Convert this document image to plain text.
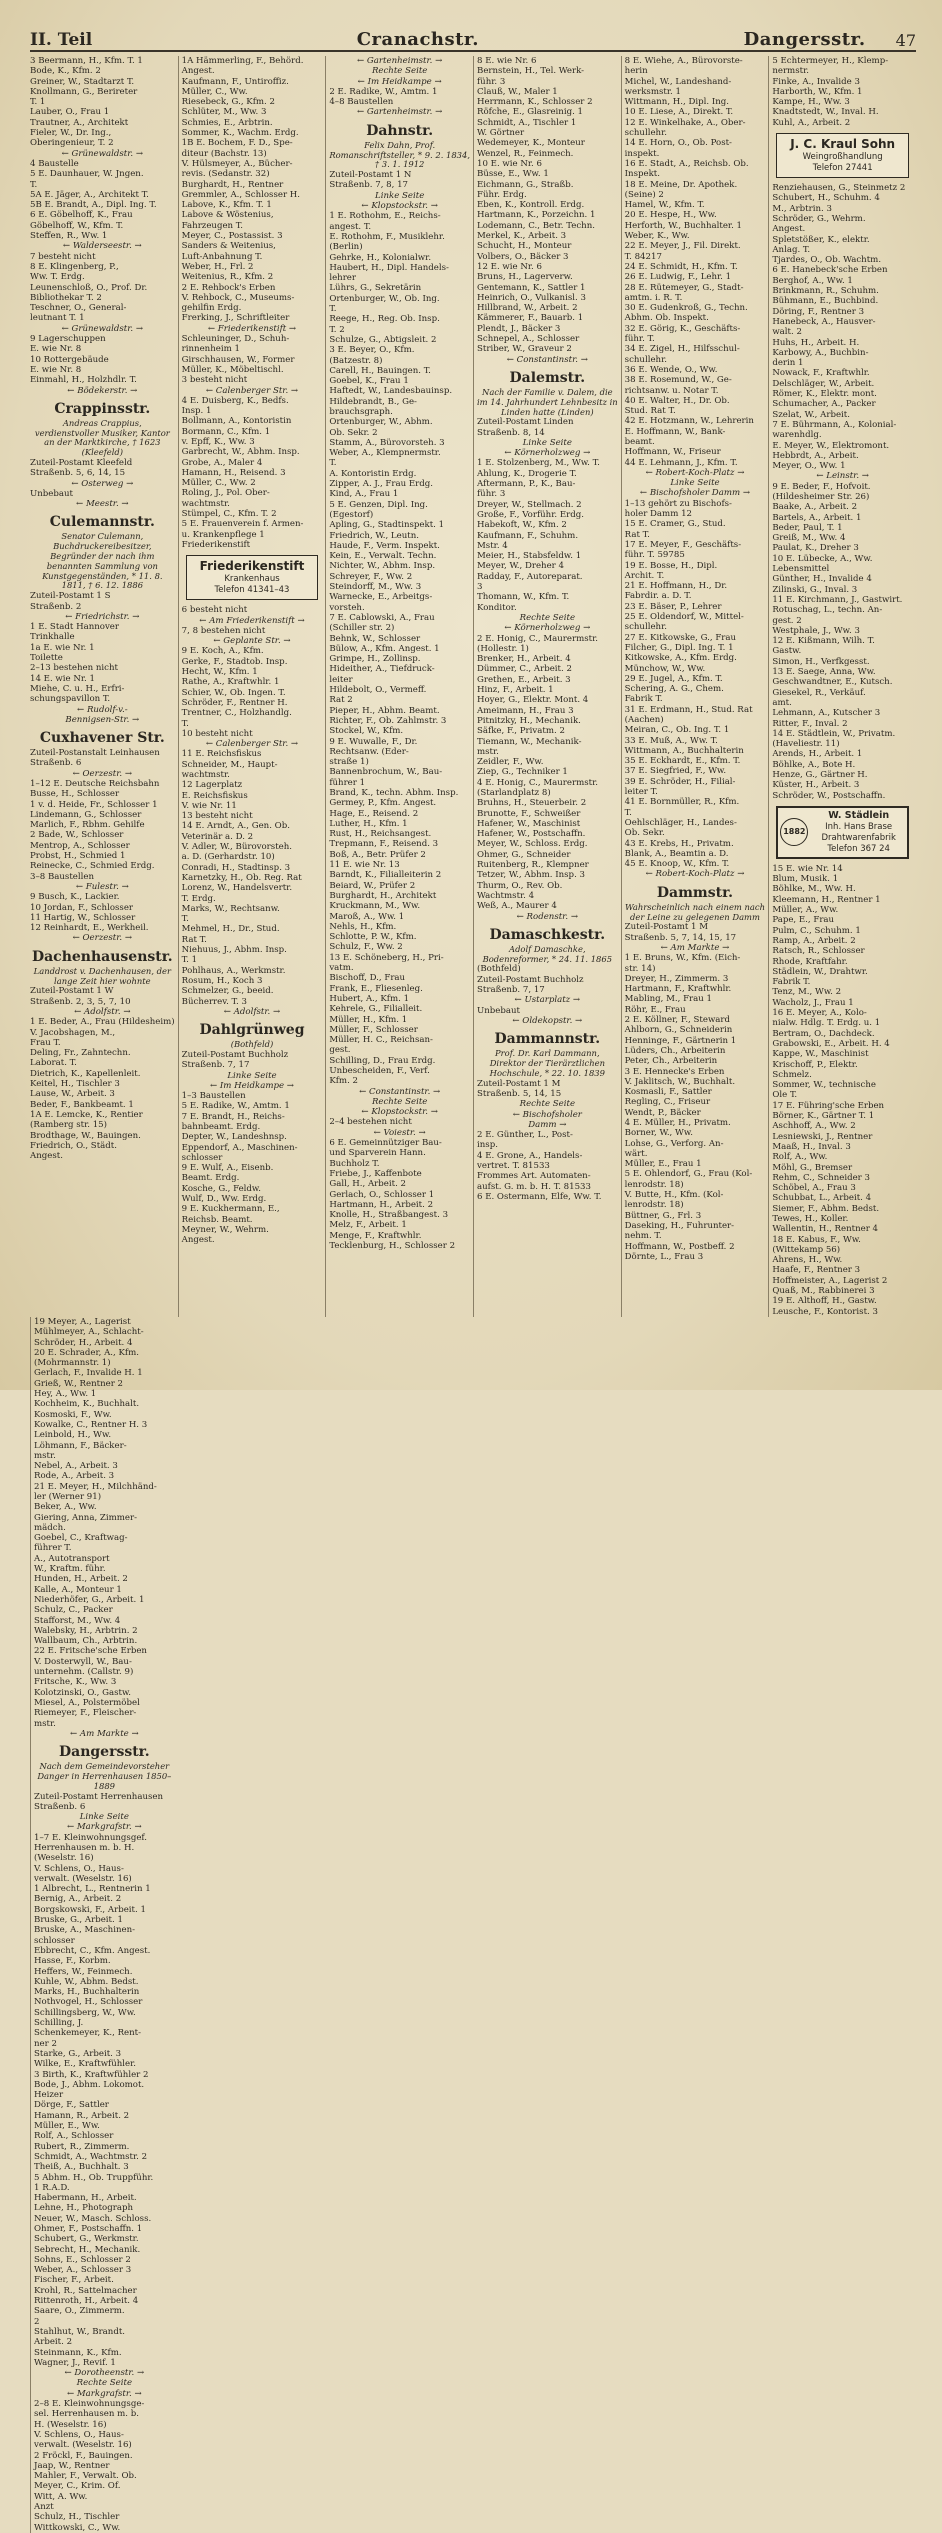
II. Teil	Cranachstr.	Dangersstr. 47
3 Beermann, H., Kfm. T. 1
Bode, K., Kfm. 2
Greiner, W., Stadtarzt T.
Knollmann, G., Berireter
T. 1
Lauber, O., Frau 1
Trautner, A., Architekt
Fieler, W., Dr. Ing.,
Oberingenieur, T. 2
← Grünewaldstr. →
4 Baustelle
5 E. Daunhauer, W. Jngen.
T.
5A E. Jäger, A., Architekt T.
5B E. Brandt, A., Dipl. Ing. T.
6 E. Göbelhoff, K., Frau
Göbelhoff, W., Kfm. T.
Steffen, R., Ww. 1
← Walderseestr. →
7 besteht nicht
8 E. Klingenberg, P.,
Ww. T. Erdg.
Leunenschloß, O., Prof. Dr.
Bibliothekar T. 2
Teschner, O., General-
leutnant T. 1
← Grünewaldstr. →
9 Lagerschuppen
E. wie Nr. 8
10 Rottergebäude
E. wie Nr. 8
Einmahl, H., Holzhdlr. T.
← Bödekerstr. →
Crappinsstr.
Andreas Crappius, verdienstvoller Musiker, Kantor an der Marktkirche, † 1623 (Kleefeld)
Zuteil-Postamt Kleefeld
Straßenb. 5, 6, 14, 15
← Osterweg →
Unbebaut
← Meestr. →
Culemannstr.
Senator Culemann, Buchdruckereibesitzer, Begründer der nach ihm benannten Sammlung von Kunstgegenständen, * 11. 8. 1811, † 6. 12. 1886
Zuteil-Postamt 1 S
Straßenb. 2
← Friedrichstr. →
1 E. Stadt Hannover
Trinkhalle
1a E. wie Nr. 1
Toilette
2–13 bestehen nicht
14 E. wie Nr. 1
Miehe, C. u. H., Erfri-
schungspavillon T.
← Rudolf-v.-
Bennigsen-Str. →
Cuxhavener Str.
Zuteil-Postanstalt Leinhausen
Straßenb. 6
← Oerzestr. →
1–12 E. Deutsche Reichsbahn
Busse, H., Schlosser
1 v. d. Heide, Fr., Schlosser 1
Lindemann, G., Schlosser
Marlich, F., Rbhm. Gehilfe
2 Bade, W., Schlosser
Mentrop, A., Schlosser
Probst, H., Schmied 1
Reinecke, C., Schmied Erdg.
3–8 Baustellen
← Fulestr. →
9 Busch, K., Lackier.
10 Jordan, F., Schlosser
11 Hartig, W., Schlosser
12 Reinhardt, E., Werkheil.
← Oerzestr. →
Dachenhausenstr.
Landdrost v. Dachenhausen, der lange Zeit hier wohnte
Zuteil-Postamt 1 W
Straßenb. 2, 3, 5, 7, 10
← Adolfstr. →
1 E. Beder, A., Frau (Hildesheim)
V. Jacobshagen, M.,
Frau T.
Deling, Fr., Zahntechn.
Laborat. T.
Dietrich, K., Kapellenleit.
Keitel, H., Tischler 3
Lause, W., Arbeit. 3
Beder, F., Bankbeamt. 1
1A E. Lemcke, K., Rentier
(Ramberg str. 15)
Brodthage, W., Bauingen.
Friedrich, O., Städt.
Angest.
1A Hämmerling, F., Behörd.
Angest.
Kaufmann, F., Untiroffiz.
Müller, C., Ww.
Riesebeck, G., Kfm. 2
Schlüter, M., Ww. 3
Schmies, E., Arbtrin.
Sommer, K., Wachm. Erdg.
1B E. Bochem, F. D., Spe-
diteur (Bachstr. 13)
V. Hülsmeyer, A., Bücher-
revis. (Sedanstr. 32)
Burghardt, H., Rentner
Gremmler, A., Schlosser H.
Labove, K., Kfm. T. 1
Labove & Wöstenius,
Fahrzeugen T.
Meyer, C., Postassist. 3
Sanders & Weitenius,
Luft-Anbahnung T.
Weber, H., Frl. 2
Weitenius, R., Kfm. 2
2 E. Rehbock's Erben
V. Rehbock, C., Museums-
gehilfin Erdg.
Frerking, J., Schriftleiter
← Friederikenstift →
Schleuninger, D., Schuh-
rinnenheim 1
Girschhausen, W., Former
Müller, K., Möbeltischl.
3 besteht nicht
← Calenberger Str. →
4 E. Duisberg, K., Bedfs.
Insp. 1
Bollmann, A., Kontoristin
Bormann, C., Kfm. 1
v. Epff, K., Ww. 3
Garbrecht, W., Abhm. Insp.
Grobe, A., Maler 4
Hamann, H., Reisend. 3
Müller, C., Ww. 2
Roling, J., Pol. Ober-
wachtmstr.
Stümpel, C., Kfm. T. 2
5 E. Frauenverein f. Armen-
u. Krankenpflege 1
Friederikenstift
Friederikenstift
Krankenhaus
Telefon 41341–43
6 besteht nicht
← Am Friederikenstift →
7, 8 bestehen nicht
← Geplante Str. →
9 E. Koch, A., Kfm.
Gerke, F., Stadtob. Insp.
Hecht, W., Kfm. 1
Rathe, A., Kraftwhlr. 1
Schier, W., Ob. Ingen. T.
Schröder, F., Rentner H.
Trentner, C., Holzhandlg.
T.
10 besteht nicht
← Calenberger Str. →
11 E. Reichsfiskus
Schneider, M., Haupt-
wachtmstr.
12 Lagerplatz
E. Reichsfiskus
V. wie Nr. 11
13 besteht nicht
14 E. Arndt, A., Gen. Ob.
Veterinär a. D. 2
V. Adler, W., Bürovorsteh.
a. D. (Gerhardstr. 10)
Conradi, H., Stadtinsp. 3
Karnetzky, H., Ob. Reg. Rat
Lorenz, W., Handelsvertr.
T. Erdg.
Marks, W., Rechtsanw.
T.
Mehmel, H., Dr., Stud.
Rat T.
Niehuus, J., Abhm. Insp.
T. 1
Pohlhaus, A., Werkmstr.
Rosum, H., Koch 3
Schmelzer, G., beeid.
Bücherrev. T. 3
← Adolfstr. →
Dahlgrünweg
(Bothfeld)
Zuteil-Postamt Buchholz
Straßenb. 7, 17
Linke Seite
← Im Heidkampe →
1–3 Baustellen
5 E. Radike, W., Amtm. 1
7 E. Brandt, H., Reichs-
bahnbeamt. Erdg.
Depter, W., Landeshnsp.
Eppendorf, A., Maschinen-
schlosser
9 E. Wulf, A., Eisenb.
Beamt. Erdg.
Kosche, G., Feldw.
Wulf, D., Ww. Erdg.
9 E. Kuckhermann, E.,
Reichsb. Beamt.
Meyner, W., Wehrm.
Angest.
← Gartenheimstr. →
Rechte Seite
← Im Heidkampe →
2 E. Radike, W., Amtm. 1
4–8 Baustellen
← Gartenheimstr. →
Dahnstr.
Felix Dahn, Prof. Romanschriftsteller, * 9. 2. 1834, † 3. 1. 1912
Zuteil-Postamt 1 N
Straßenb. 7, 8, 17
Linke Seite
← Klopstockstr. →
1 E. Rothohm, E., Reichs-
angest. T.
E. Rothohm, F., Musiklehr.
(Berlin)
Gehrke, H., Kolonialwr.
Haubert, H., Dipl. Handels-
lehrer
Lührs, G., Sekretärin
Ortenburger, W., Ob. Ing.
T.
Reege, H., Reg. Ob. Insp.
T. 2
Schulze, G., Abtigsleit. 2
3 E. Beyer, O., Kfm.
(Batzestr. 8)
Carell, H., Bauingen. T.
Goebel, K., Frau 1
Haftedt, W., Landesbauinsp.
Hildebrandt, B., Ge-
brauchsgraph.
Ortenburger, W., Abhm.
Ob. Sekr. 2
Stamm, A., Bürovorsteh. 3
Weber, A., Klempnermstr.
T.
A. Kontoristin Erdg.
Zipper, A. J., Frau Erdg.
Kind, A., Frau 1
5 E. Genzen, Dipl. Ing.
(Egestorf)
Apling, G., Stadtinspekt. 1
Friedrich, W., Leutn.
Haude, F., Verm. Inspekt.
Kein, E., Verwalt. Techn.
Nichter, W., Abhm. Insp.
Schreyer, F., Ww. 2
Steindorff, M., Ww. 3
Warnecke, E., Arbeitgs-
vorsteh.
7 E. Cablowski, A., Frau
(Schiller str. 2)
Behnk, W., Schlosser
Bülow, A., Kfm. Angest. 1
Grimpe, H., Zollinsp.
Hideither, A., Tiefdruck-
leiter
Hildebolt, O., Vermeff.
Rat 2
Pieper, H., Abhm. Beamt.
Richter, F., Ob. Zahlmstr. 3
Stockel, W., Kfm.
9 E. Wuwalle, F., Dr.
Rechtsanw. (Eder-
straße 1)
Bannenbrochum, W., Bau-
führer 1
Brand, K., techn. Abhm. Insp.
Germey, P., Kfm. Angest.
Hage, E., Reisend. 2
Luther, H., Kfm. 1
Rust, H., Reichsangest.
Trepmann, F., Reisend. 3
Boß, A., Betr. Prüfer 2
11 E. wie Nr. 13
Barndt, K., Filialleiterin 2
Beiard, W., Prüfer 2
Burghardt, H., Architekt
Kruckmann, M., Ww.
Maroß, A., Ww. 1
Nehls, H., Kfm.
Schlotte, P. W., Kfm.
Schulz, F., Ww. 2
13 E. Schöneberg, H., Pri-
vatm.
Bischoff, D., Frau
Frank, E., Fliesenleg.
Hubert, A., Kfm. 1
Kehrele, G., Filialleit.
Müller, H., Kfm. 1
Müller, F., Schlosser
Müller, H. C., Reichsan-
gest.
Schilling, D., Frau Erdg.
Unbescheiden, F., Verf.
Kfm. 2
← Constantinstr. →
Rechte Seite
← Klopstockstr. →
2–4 bestehen nicht
← Voiestr. →
6 E. Gemeinnütziger Bau-
und Sparverein Hann.
Buchholz T.
Friebe, J., Kaffenbote
Gall, H., Arbeit. 2
Gerlach, O., Schlosser 1
Hartmann, H., Arbeit. 2
Knolle, H., Straßbangest. 3
Melz, F., Arbeit. 1
Menge, F., Kraftwhlr.
Tecklenburg, H., Schlosser 2
8 E. wie Nr. 6
Bernstein, H., Tel. Werk-
führ. 3
Clauß, W., Maler 1
Herrmann, K., Schlosser 2
Röfche, E., Glasreinig. 1
Schmidt, A., Tischler 1
W. Görtner
Wedemeyer, K., Monteur
Wenzel, R., Feinmech.
10 E. wie Nr. 6
Büsse, E., Ww. 1
Eichmann, G., Straßb.
Führ. Erdg.
Eben, K., Kontroll. Erdg.
Hartmann, K., Porzeichn. 1
Lodemann, C., Betr. Techn.
Merkel, K., Arbeit. 3
Schucht, H., Monteur
Volbers, O., Bäcker 3
12 E. wie Nr. 6
Bruns, H., Lagerverw.
Gentemann, K., Sattler 1
Heinrich, O., Vulkanisl. 3
Hillbrand, W., Arbeit. 2
Kämmerer, F., Bauarb. 1
Plendt, J., Bäcker 3
Schnepel, A., Schlosser
Striber, W., Graveur 2
← Constantinstr. →
Dalemstr.
Nach der Familie v. Dalem, die im 14. Jahrhundert Lehnbesitz in Linden hatte (Linden)
Zuteil-Postamt Linden
Straßenb. 8, 14
Linke Seite
← Körnerholzweg →
1 E. Stolzenberg, M., Ww. T.
Ahlung, K., Drogerie T.
Aftermann, P., K., Bau-
führ. 3
Dreyer, W., Stellmach. 2
Große, F., Vorführ. Erdg.
Habekoft, W., Kfm. 2
Kaufmann, F., Schuhm.
Mstr. 4
Meier, H., Stabsfeldw. 1
Meyer, W., Dreher 4
Radday, F., Autoreparat.
3
Thomann, W., Kfm. T.
Konditor.
Rechte Seite
← Körnerholzweg →
2 E. Honig, C., Maurermstr.
(Hollestr. 1)
Brenker, H., Arbeit. 4
Dümmer, C., Arbeit. 2
Grethen, E., Arbeit. 3
Hinz, F., Arbeit. 1
Hoyer, G., Elektr. Mont. 4
Ameimann, H., Frau 3
Pitnitzky, H., Mechanik.
Säfke, F., Privatm. 2
Tiemann, W., Mechanik-
mstr.
Zeidler, F., Ww.
Ziep, G., Techniker 1
4 E. Honig, C., Maurermstr.
(Starlandplatz 8)
Bruhns, H., Steuerbeir. 2
Brunotte, F., Schweißer
Hafener, W., Maschinist
Hafener, W., Postschaffn.
Meyer, W., Schloss. Erdg.
Ohmer, G., Schneider
Ruitenberg, R., Klempner
Tetzer, W., Abhm. Insp. 3
Thurm, O., Rev. Ob.
Wachtmstr. 4
Weß, A., Maurer 4
← Rodenstr. →
Damaschkestr.
Adolf Damaschke, Bodenreformer, * 24. 11. 1865
(Bothfeld)
Zuteil-Postamt Buchholz
Straßenb. 7, 17
← Ustarplatz →
Unbebaut
← Oldekopstr. →
Dammannstr.
Prof. Dr. Karl Dammann, Direktor der Tierärztlichen Hochschule, * 22. 10. 1839
Zuteil-Postamt 1 M
Straßenb. 5, 14, 15
Rechte Seite
← Bischofsholer
Damm →
2 E. Günther, L., Post-
insp.
4 E. Grone, A., Handels-
vertret. T. 81533
Frommes Art. Automaten-
aufst. G. m. b. H. T. 81533
6 E. Ostermann, Elfe, Ww. T.
8 E. Wiehe, A., Bürovorste-
herin
Michel, W., Landeshand-
werksmstr. 1
Wittmann, H., Dipl. Ing.
10 E. Liese, A., Direkt. T.
12 E. Winkelhake, A., Ober-
schullehr.
14 E. Horn, O., Ob. Post-
inspekt.
16 E. Stadt, A., Reichsb. Ob.
Inspekt.
18 E. Meine, Dr. Apothek.
(Seine) 2
Hamel, W., Kfm. T.
20 E. Hespe, H., Ww.
Herforth, W., Buchhalter. 1
Weber, K., Ww.
22 E. Meyer, J., Fil. Direkt.
T. 84217
24 E. Schmidt, H., Kfm. T.
26 E. Ludwig, F., Lehr. 1
28 E. Rütemeyer, G., Stadt-
amtm. i. R. T.
30 E. Gudenkroß, G., Techn.
Abhm. Ob. Inspekt.
32 E. Görig, K., Geschäfts-
führ. T.
34 E. Zigel, H., Hilfsschul-
schullehr.
36 E. Wende, O., Ww.
38 E. Rosemund, W., Ge-
richtsanw. u. Notar T.
40 E. Walter, H., Dr. Ob.
Stud. Rat T.
42 E. Hotzmann, W., Lehrerin
E. Hoffmann, W., Bank-
beamt.
Hoffmann, W., Friseur
44 E. Lehmann, J., Kfm. T.
← Robert-Koch-Platz →
Linke Seite
← Bischofsholer Damm →
1–13 gehört zu Bischofs-
holer Damm 12
15 E. Cramer, G., Stud.
Rat T.
17 E. Meyer, F., Geschäfts-
führ. T. 59785
19 E. Bosse, H., Dipl.
Archit. T.
21 E. Hoffmann, H., Dr.
Fabrdir. a. D. T.
23 E. Bäser, P., Lehrer
25 E. Oldendorf, W., Mittel-
schullehr.
27 E. Kitkowske, G., Frau
Filcher, G., Dipl. Ing. T. 1
Kitkowske, A., Kfm. Erdg.
Münchow, W., Ww.
29 E. Jugel, A., Kfm. T.
Schering, A. G., Chem.
Fabrik T.
31 E. Erdmann, H., Stud. Rat
(Aachen)
Meiran, C., Ob. Ing. T. 1
33 E. Muß, A., Ww. T.
Wittmann, A., Buchhalterin
35 E. Eckhardt, E., Kfm. T.
37 E. Siegfried, F., Ww.
39 E. Schröder, H., Filial-
leiter T.
41 E. Bornmüller, R., Kfm.
T.
Oehlschläger, H., Landes-
Ob. Sekr.
43 E. Krebs, H., Privatm.
Blank, A., Beamtin a. D.
45 E. Knoop, W., Kfm. T.
← Robert-Koch-Platz →
Dammstr.
Wahrscheinlich nach einem nach der Leine zu gelegenen Damm
Zuteil-Postamt 1 M
Straßenb. 5, 7, 14, 15, 17
← Am Markte →
1 E. Bruns, W., Kfm. (Eich-
str. 14)
Dreyer, H., Zimmerm. 3
Hartmann, F., Kraftwhlr.
Mabling, M., Frau 1
Röhr, E., Frau
2 E. Köllner, F., Steward
Ahlborn, G., Schneiderin
Henninge, F., Gärtnerin 1
Lüders, Ch., Arbeiterin
Peter, Ch., Arbeiterin
3 E. Hennecke's Erben
V. Jaklitsch, W., Buchhalt.
Kosmasli, F., Sattler
Regling, C., Friseur
Wendt, P., Bäcker
4 E. Müller, H., Privatm.
Borner, W., Ww.
Lohse, G., Verforg. An-
wärt.
Müller, E., Frau 1
5 E. Ohlendorf, G., Frau (Kol-
lenrodstr. 18)
V. Butte, H., Kfm. (Kol-
lenrodstr. 18)
Büttner, G., Frl. 3
Daseking, H., Fuhrunter-
nehm. T.
Hoffmann, W., Postbeff. 2
Dörnte, L., Frau 3
5 Echtermeyer, H., Klemp-
nermstr.
Finke, A., Invalide 3
Harborth, W., Kfm. 1
Kampe, H., Ww. 3
Knadtstedt, W., Inval. H.
Kuhl, A., Arbeit. 2
J. C. Kraul Sohn
Weingroßhandlung
Telefon 27441
Renziehausen, G., Steinmetz 2
Schubert, H., Schuhm. 4
M., Arbtrin. 3
Schröder, G., Wehrm.
Angest.
Spletstößer, K., elektr.
Anlag. T.
Tjardes, O., Ob. Wachtm.
6 E. Hanebeck'sche Erben
Berghof, A., Ww. 1
Brinkmann, R., Schuhm.
Bühmann, E., Buchbind.
Döring, F., Rentner 3
Hanebeck, A., Hausver-
walt. 2
Huhs, H., Arbeit. H.
Karbowy, A., Buchbin-
derin 1
Nowack, F., Kraftwhlr.
Delschläger, W., Arbeit.
Römer, K., Elektr. mont.
Schumacher, A., Packer
Szelat, W., Arbeit.
7 E. Bührmann, A., Kolonial-
warenhdlg.
E. Meyer, W., Elektromont.
Hebbrdt, A., Arbeit.
Meyer, O., Ww. 1
← Leinstr. →
9 E. Beder, F., Hofvoit.
(Hildesheimer Str. 26)
Baake, A., Arbeit. 2
Bartels, A., Arbeit. 1
Beder, Paul, T. 1
Greiß, M., Ww. 4
Paulat, K., Dreher 3
10 E. Lübecke, A., Ww.
Lebensmittel
Günther, H., Invalide 4
Zilinski, G., Inval. 3
11 E. Kirchmann, J., Gastwirt.
Rotuschag, L., techn. An-
gest. 2
Westphale, J., Ww. 3
12 E. Kißmann, Wilh. T.
Gastw.
Simon, H., Verfkgesst.
13 E. Saege, Anna, Ww.
Geschwandtner, E., Kutsch.
Giesekel, R., Verkäuf.
amt.
Lehmann, A., Kutscher 3
Ritter, F., Inval. 2
14 E. Städtlein, W., Privatm.
(Haveliestr. 11)
Arends, H., Arbeit. 1
Böhlke, A., Bote H.
Henze, G., Gärtner H.
Küster, H., Arbeit. 3
Schröder, W., Postschaffn.
1882
W. Städlein
Inh. Hans Brase
Drahtwarenfabrik
Telefon 367 24
15 E. wie Nr. 14
Blum, Musik. 1
Böhlke, M., Ww. H.
Kleemann, H., Rentner 1
Müller, A., Ww.
Pape, E., Frau
Pulm, C., Schuhm. 1
Ramp, A., Arbeit. 2
Ratsch, R., Schlosser
Rhode, Kraftfahr.
Städlein, W., Drahtwr.
Fabrik T.
Tenz, M., Ww. 2
Wacholz, J., Frau 1
16 E. Meyer, A., Kolo-
nialw. Hdlg. T. Erdg. u. 1
Bertram, O., Dachdeck.
Grabowski, E., Arbeit. H. 4
Kappe, W., Maschinist
Krischoff, P., Elektr.
Schmelz.
Sommer, W., technische
Ole T.
17 E. Führing'sche Erben
Börner, K., Gärtner T. 1
Aschhoff, A., Ww. 2
Lesniewski, J., Rentner
Maaß, H., Inval. 3
Rolf, A., Ww.
Möhl, G., Bremser
Rehm, C., Schneider 3
Schöbel, A., Frau 3
Schubbat, L., Arbeit. 4
Siemer, F., Abhm. Bedst.
Tewes, H., Koller.
Wallentin, H., Rentner 4
18 E. Kabus, F., Ww.
(Wittekamp 56)
Ahrens, H., Ww.
Haafe, F., Rentner 3
Hoffmeister, A., Lagerist 2
Quaß, M., Rabbinerei 3
19 E. Althoff, H., Gastw.
Leusche, F., Kontorist. 3
19 Meyer, A., Lagerist
Mühlmeyer, A., Schlacht-
Schröder, H., Arbeit. 4
20 E. Schrader, A., Kfm.
(Mohrmannstr. 1)
Gerlach, F., Invalide H. 1
Grieß, W., Rentner 2
Hey, A., Ww. 1
Kochheim, K., Buchhalt.
Kosmoski, F., Ww.
Kowalke, C., Rentner H. 3
Leinbold, H., Ww.
Löhmann, F., Bäcker-
mstr.
Nebel, A., Arbeit. 3
Rode, A., Arbeit. 3
21 E. Meyer, H., Milchhänd-
ler (Werner 91)
Beker, A., Ww.
Giering, Anna, Zimmer-
mädch.
Goebel, C., Kraftwag-
führer T.
A., Autotransport
W., Kraftm. führ.
Hunden, H., Arbeit. 2
Kalle, A., Monteur 1
Niederhöfer, G., Arbeit. 1
Schulz, C., Packer
Stafforst, M., Ww. 4
Walebsky, H., Arbtrin. 2
Wallbaum, Ch., Arbtrin.
22 E. Fritsche'sche Erben
V. Dosterwyll, W., Bau-
unternehm. (Callstr. 9)
Fritsche, K., Ww. 3
Kolotzinski, O., Gastw.
Miesel, A., Polstermöbel
Riemeyer, F., Fleischer-
mstr.
← Am Markte →
Dangersstr.
Nach dem Gemeindevorsteher Danger in Herrenhausen 1850–1889
Zuteil-Postamt Herrenhausen
Straßenb. 6
Linke Seite
← Markgrafstr. →
1–7 E. Kleinwohnungsgef.
Herrenhausen m. b. H.
(Weselstr. 16)
V. Schlens, O., Haus-
verwalt. (Weselstr. 16)
1 Albrecht, L., Rentnerin 1
Bernig, A., Arbeit. 2
Borgskowski, F., Arbeit. 1
Bruske, G., Arbeit. 1
Bruske, A., Maschinen-
schlosser
Ebbrecht, C., Kfm. Angest.
Hasse, F., Korbm.
Heffers, W., Feinmech.
Kuhle, W., Abhm. Bedst.
Marks, H., Buchhalterin
Nothvogel, H., Schlosser
Schillingsberg, W., Ww.
Schilling, J.
Schenkemeyer, K., Rent-
ner 2
Starke, G., Arbeit. 3
Wilke, E., Kraftwfühler.
3 Birth, K., Kraftwfühler 2
Bode, J., Abhm. Lokomot.
Heizer
Dörge, F., Sattler
Hamann, R., Arbeit. 2
Müller, E., Ww.
Rolf, A., Schlosser
Rubert, R., Zimmerm.
Schmidt, A., Wachtmstr. 2
Theiß, A., Buchhalt. 3
5 Abhm. H., Ob. Truppführ.
1 R.A.D.
Habermann, H., Arbeit.
Lehne, H., Photograph
Neuer, W., Masch. Schloss.
Ohmer, F., Postschaffn. 1
Schubert, G., Werkmstr.
Sebrecht, H., Mechanik.
Sohns, E., Schlosser 2
Weber, A., Schlosser 3
Fischer, F., Arbeit.
Krohl, R., Sattelmacher
Rittenroth, H., Arbeit. 4
Saare, O., Zimmerm.
2
Stahlhut, W., Brandt.
Arbeit. 2
Steinmann, K., Kfm.
Wagner, J., Revif. 1
← Dorotheenstr. →
Rechte Seite
← Markgrafstr. →
2–8 E. Kleinwohnungsge-
sel. Herrenhausen m. b.
H. (Weselstr. 16)
V. Schlens, O., Haus-
verwalt. (Weselstr. 16)
2 Fröckl, F., Bauingen.
Jaap, W., Rentner
Mahler, F., Verwalt. Ob.
Meyer, C., Krim. Of.
Witt, A. Ww.
Anzt
Schulz, H., Tischler
Wittkowski, C., Ww.
